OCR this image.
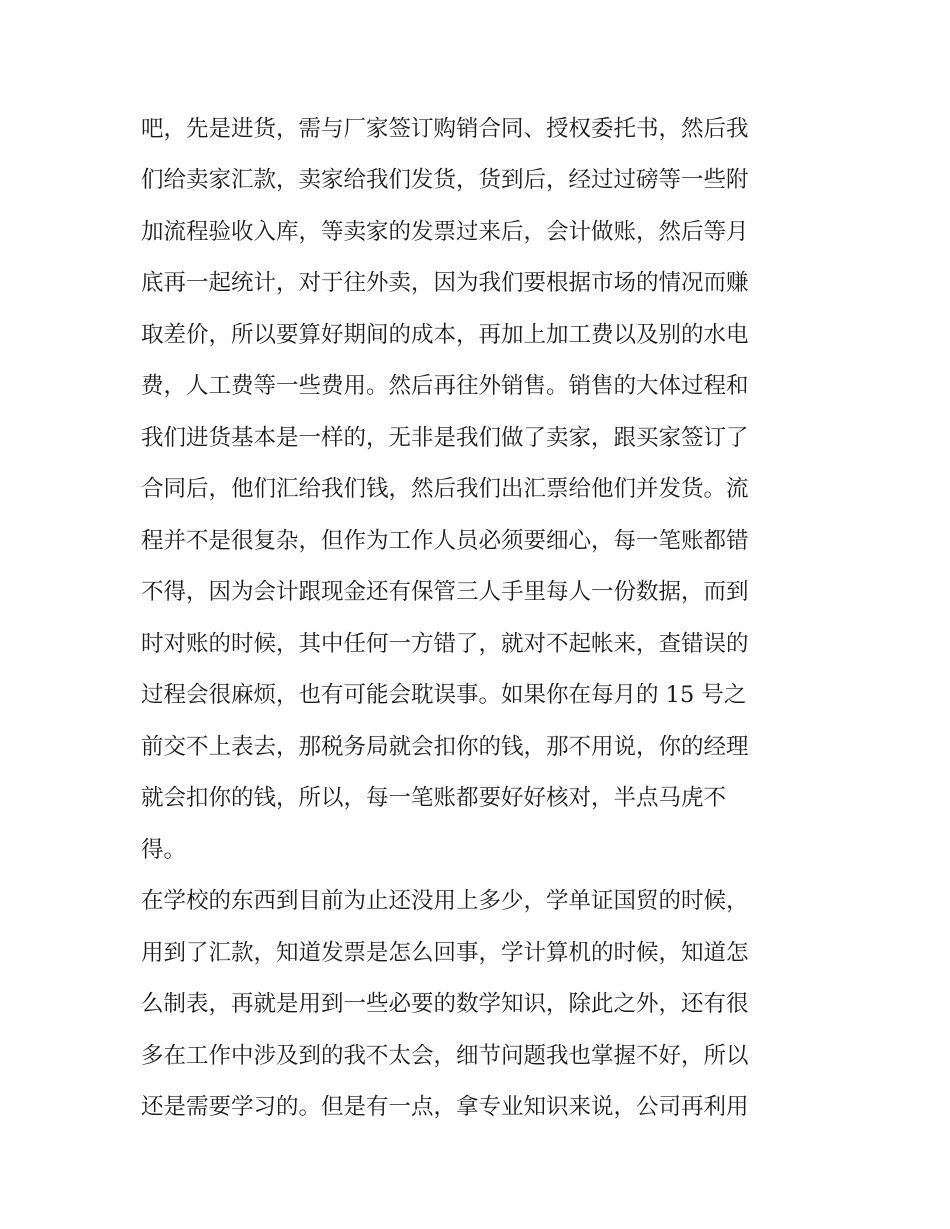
吧，先是进货，需与厂家签订购销合同、授权委托书，然后我
们给卖家汇款，卖家给我们发货，货到后，经过过磅等一些附
加流程验收入库，等卖家的发票过来后，会计做账，然后等月
底再一起统计，对于往外卖，因为我们要根据市场的情况而赚
取差价，所以要算好期间的成本，再加上加工费以及别的水电
费，人工费等一些费用。然后再往外销售。销售的大体过程和
我们进货基本是一样的，无非是我们做了卖家，跟买家签订了
合同后，他们汇给我们钱，然后我们出汇票给他们并发货。流
程并不是很复杂，但作为工作人员必须要细心，每一笔账都错
不得，因为会计跟现金还有保管三人手里每人一份数据，而到
时对账的时候，其中任何一方错了，就对不起帐来，查错误的
过程会很麻烦，也有可能会耽误事。如果你在每月的 15 号之
前交不上表去，那税务局就会扣你的钱，那不用说，你的经理
就会扣你的钱，所以，每一笔账都要好好核对，半点马虎不
得。
在学校的东西到目前为止还没用上多少，学单证国贸的时候，
用到了汇款，知道发票是怎么回事，学计算机的时候，知道怎
么制表，再就是用到一些必要的数学知识，除此之外，还有很
多在工作中涉及到的我不太会，细节问题我也掌握不好，所以
还是需要学习的。但是有一点，拿专业知识来说，公司再利用
